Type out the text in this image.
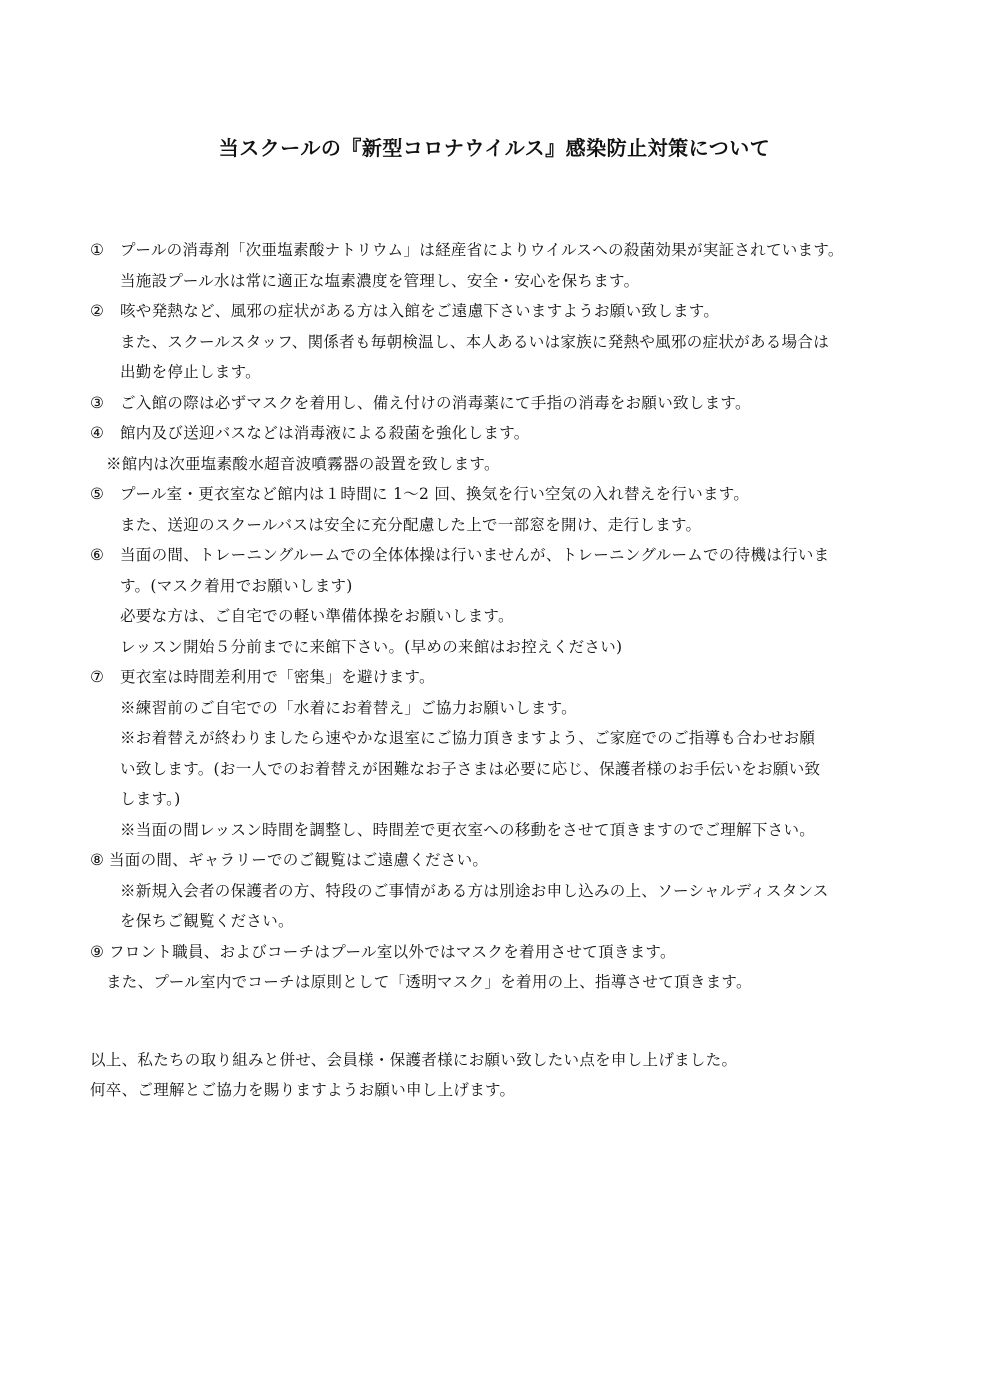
当スクールの『新型コロナウイルス』感染防止対策について
① プールの消毒剤「次亜塩素酸ナトリウム」は経産省によりウイルスへの殺菌効果が実証されています。
当施設プール水は常に適正な塩素濃度を管理し、安全・安心を保ちます。
② 咳や発熱など、風邪の症状がある方は入館をご遠慮下さいますようお願い致します。
また、スクールスタッフ、関係者も毎朝検温し、本人あるいは家族に発熱や風邪の症状がある場合は
出勤を停止します。
③ ご入館の際は必ずマスクを着用し、備え付けの消毒薬にて手指の消毒をお願い致します。
④ 館内及び送迎バスなどは消毒液による殺菌を強化します。
※館内は次亜塩素酸水超音波噴霧器の設置を致します。
⑤ プール室・更衣室など館内は１時間に 1～2 回、換気を行い空気の入れ替えを行います。
また、送迎のスクールバスは安全に充分配慮した上で一部窓を開け、走行します。
⑥ 当面の間、トレーニングルームでの全体体操は行いませんが、トレーニングルームでの待機は行いま
す。(マスク着用でお願いします)
必要な方は、ご自宅での軽い準備体操をお願いします。
レッスン開始５分前までに来館下さい。(早めの来館はお控えください)
⑦ 更衣室は時間差利用で「密集」を避けます。
※練習前のご自宅での「水着にお着替え」ご協力お願いします。
※お着替えが終わりましたら速やかな退室にご協力頂きますよう、ご家庭でのご指導も合わせお願
い致します。(お一人でのお着替えが困難なお子さまは必要に応じ、保護者様のお手伝いをお願い致
します。)
※当面の間レッスン時間を調整し、時間差で更衣室への移動をさせて頂きますのでご理解下さい。
⑧ 当面の間、ギャラリーでのご観覧はご遠慮ください。
※新規入会者の保護者の方、特段のご事情がある方は別途お申し込みの上、ソーシャルディスタンス
を保ちご観覧ください。
⑨ フロント職員、およびコーチはプール室以外ではマスクを着用させて頂きます。
また、プール室内でコーチは原則として「透明マスク」を着用の上、指導させて頂きます。
以上、私たちの取り組みと併せ、会員様・保護者様にお願い致したい点を申し上げました。
何卒、ご理解とご協力を賜りますようお願い申し上げます。
